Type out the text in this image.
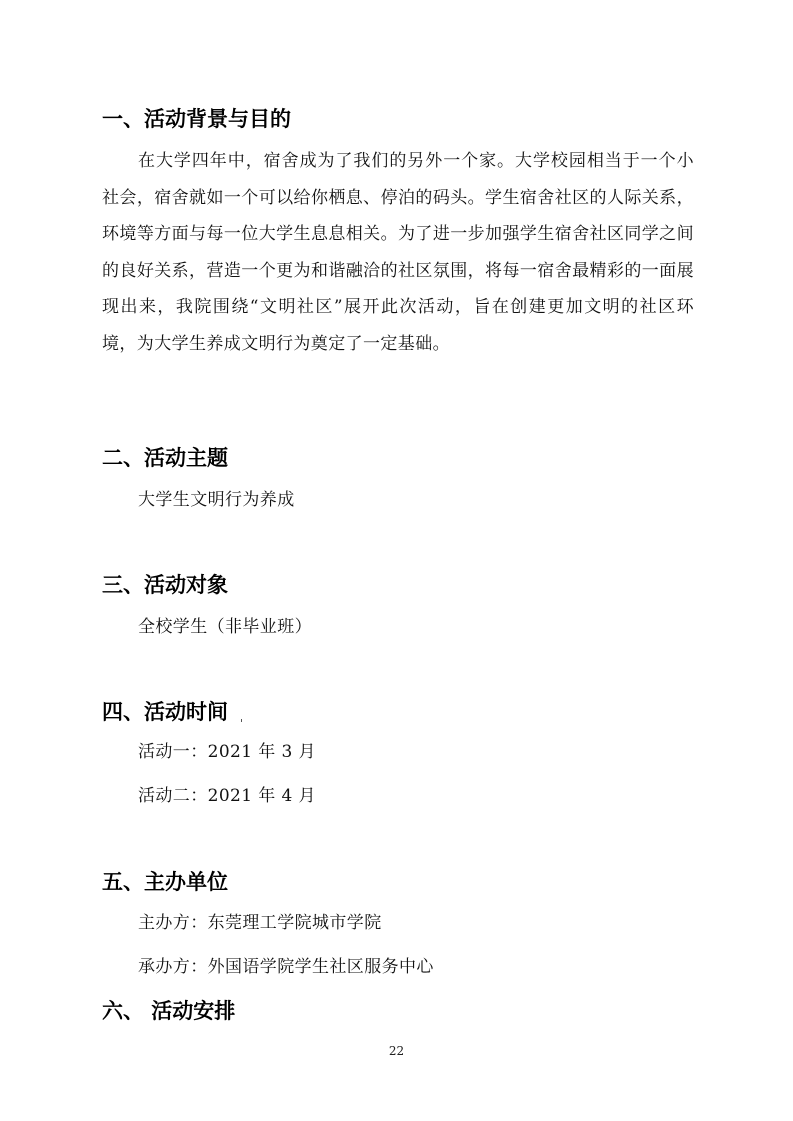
一、活动背景与目的
在大学四年中，宿舍成为了我们的另外一个家。大学校园相当于一个小社会，宿舍就如一个可以给你栖息、停泊的码头。学生宿舍社区的人际关系，环境等方面与每一位大学生息息相关。为了进一步加强学生宿舍社区同学之间的良好关系，营造一个更为和谐融洽的社区氛围，将每一宿舍最精彩的一面展现出来，我院围绕“文明社区”展开此次活动，旨在创建更加文明的社区环境，为大学生养成文明行为奠定了一定基础。
二、活动主题
大学生文明行为养成
三、活动对象
全校学生（非毕业班）
四、活动时间
活动一：2021 年 3 月
活动二：2021 年 4 月
五、主办单位
主办方：东莞理工学院城市学院
承办方：外国语学院学生社区服务中心
六、 活动安排
22
